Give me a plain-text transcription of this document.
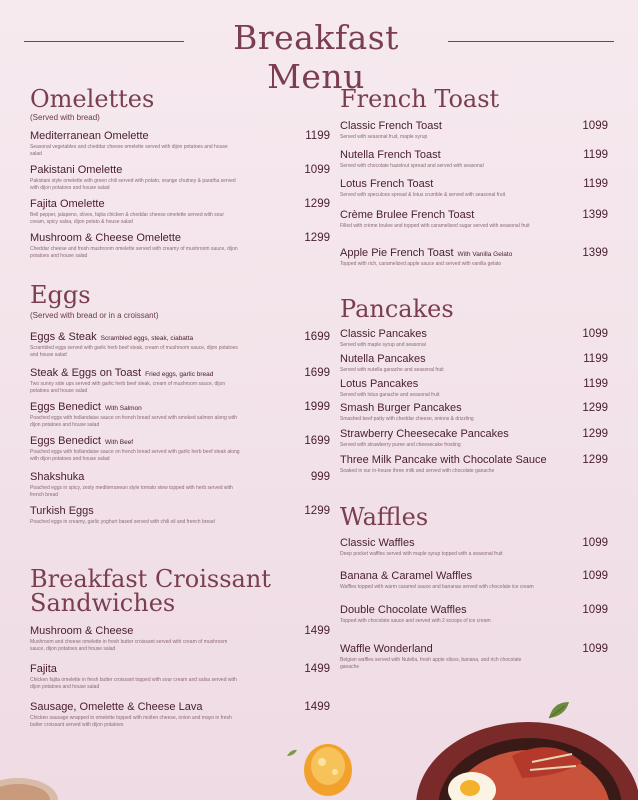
Breakfast Menu
Omelettes
(Served with bread)
Mediterranean Omelette
Seasonal vegetables and cheddar cheese omelette served with dijon potatoes and house salad
1199
Pakistani Omelette
Pakistani style omelette with green chili served with potato, orange chutney & paratha served with dijon potatoes and house salad
1099
Fajita Omelette
Bell pepper, jalapeno, olives, fajita chicken & cheddar cheese omelette served with sour cream, spicy salsa, dijon potato & house salad
1299
Mushroom & Cheese Omelette
Cheddar cheese and fresh mushroom omelette served with creamy of mushroom sauce, dijon potatoes and house salad
1299
Eggs
(Served with bread or in a croissant)
Eggs & Steak Scrambled eggs, steak, ciabatta
Scrambled eggs served with garlic herb beef steak, cream of mushroom sauce, dijon potatoes and house salad
1699
Steak & Eggs on Toast Fried eggs, garlic bread
Two sunny side ups served with garlic herb beef steak, cream of mushroom sauce, dijon potatoes and house salad
1699
Eggs Benedict With Salmon
Poached eggs with hollandaise sauce on french bread served with smoked salmon along with dijon potatoes and house salad
1999
Eggs Benedict With Beef
Poached eggs with hollandaise sauce on french bread served with garlic herb beef steak along with dijon potatoes and house salad
1699
Shakshuka
Poached eggs in spicy, zesty mediterranean style tomato stew topped with herb served with french bread
999
Turkish Eggs
Poached eggs in creamy, garlic yoghurt based served with chili oil and french bread
1299
Breakfast Croissant
Sandwiches
Mushroom & Cheese
Mushroom and cheese omelette in fresh butter croissant served with cream of mushroom sauce, dijon potatoes and house salad
1499
Fajita
Chicken fajita omelette in fresh butter croissant topped with sour cream and salsa served with dijon potatoes and house salad
1499
Sausage, Omelette & Cheese Lava
Chicken sausage wrapped in omelette topped with molten cheese, onion and mayo in fresh butter croissant served with dijon potatoes
1499
French Toast
Classic French Toast
Served with seasonal fruit, maple syrup
1099
Nutella French Toast
Served with chocolate hazelnut spread and served with seasonal
1199
Lotus French Toast
Served with speculoos spread & lotus crumble & served with seasonal fruit
1199
Crème Brulee French Toast
Filled with crème brulee and topped with caramelized sugar served with seasonal fruit
1399
Apple Pie French Toast With Vanilla Gelato
Topped with rich, caramelized apple sauce and served with vanilla gelato
1399
Pancakes
Classic Pancakes
Served with maple syrup and seasonal
1099
Nutella Pancakes
Served with nutella ganache and seasonal fruit
1199
Lotus Pancakes
Served with lotus ganache and seasonal fruit
1199
Smash Burger Pancakes
Smashed beef patty with cheddar cheese, onions & drizzling
1299
Strawberry Cheesecake Pancakes
Served with strawberry puree and cheesecake frosting
1299
Three Milk Pancake with Chocolate Sauce
Soaked in our in-house three milk and served with chocolate ganache
1299
Waffles
Classic Waffles
Deep pocket waffles served with maple syrup topped with a seasonal fruit
1099
Banana & Caramel Waffles
Waffles topped with warm caramel sauce and bananas served with chocolate ice cream
1099
Double Chocolate Waffles
Topped with chocolate sauce and served with 2 scoops of ice cream
1099
Waffle Wonderland
Belgian waffles served with Nutella, fresh apple slices, banana, and rich chocolate ganache
1099
